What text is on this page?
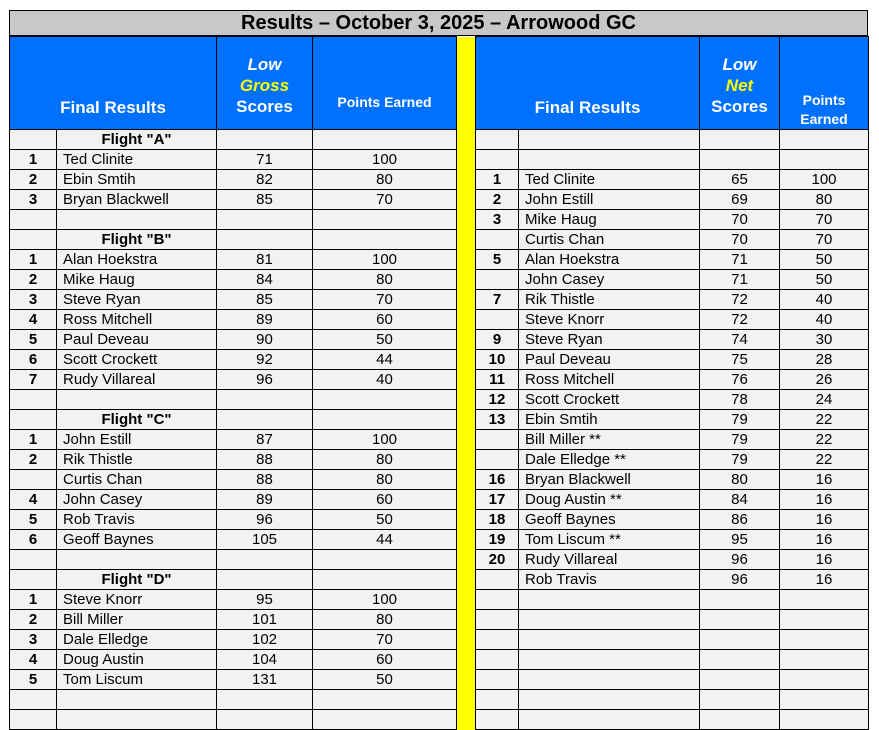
Results – October 3, 2025 – Arrowood GC
Final Results		Low
Gross
Scores	Points Earned		Final Results		Low
Net
Scores	Points
Earned
	Flight "A"							
1	Ted Clinite	71	100					
2	Ebin Smtih	82	80		1	Ted Clinite	65	100
3	Bryan Blackwell	85	70		2	John Estill	69	80
					3	Mike Haug	70	70
	Flight "B"					Curtis Chan	70	70
1	Alan Hoekstra	81	100		5	Alan Hoekstra	71	50
2	Mike Haug	84	80			John Casey	71	50
3	Steve Ryan	85	70		7	Rik Thistle	72	40
4	Ross Mitchell	89	60			Steve Knorr	72	40
5	Paul Deveau	90	50		9	Steve Ryan	74	30
6	Scott Crockett	92	44		10	Paul Deveau	75	28
7	Rudy Villareal	96	40		11	Ross Mitchell	76	26
					12	Scott Crockett	78	24
	Flight "C"				13	Ebin Smtih	79	22
1	John Estill	87	100			Bill Miller **	79	22
2	Rik Thistle	88	80			Dale Elledge **	79	22
	Curtis Chan	88	80		16	Bryan Blackwell	80	16
4	John Casey	89	60		17	Doug Austin **	84	16
5	Rob Travis	96	50		18	Geoff Baynes	86	16
6	Geoff Baynes	105	44		19	Tom Liscum **	95	16
					20	Rudy Villareal	96	16
	Flight "D"					Rob Travis	96	16
1	Steve Knorr	95	100					
2	Bill Miller	101	80					
3	Dale Elledge	102	70					
4	Doug Austin	104	60					
5	Tom Liscum	131	50					
